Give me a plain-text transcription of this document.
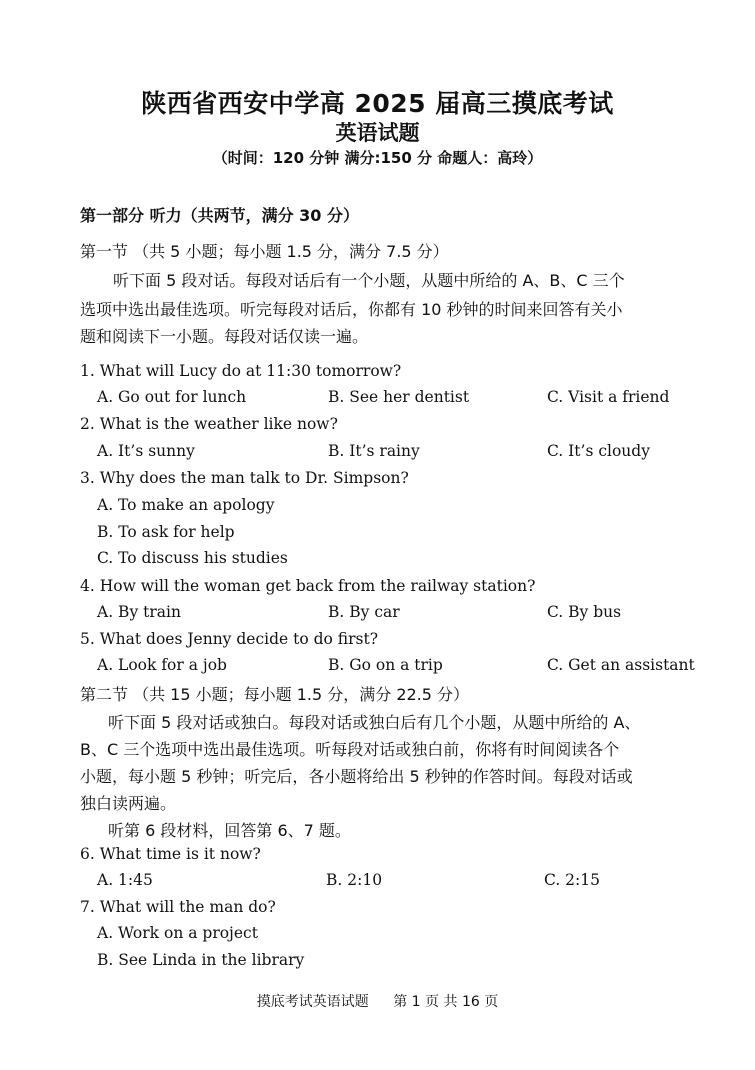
陕西省西安中学高 2025 届高三摸底考试
英语试题
（时间：120 分钟 满分:150 分 命题人：高玲）
第一部分 听力（共两节，满分 30 分）
第一节 （共 5 小题；每小题 1.5 分，满分 7.5 分）
听下面 5 段对话。每段对话后有一个小题，从题中所给的 A、B、C 三个
选项中选出最佳选项。听完每段对话后，你都有 10 秒钟的时间来回答有关小
题和阅读下一小题。每段对话仅读一遍。
1. What will Lucy do at 11:30 tomorrow?
A. Go out for lunch	B. See her dentist	C. Visit a friend
2. What is the weather like now?
A. It’s sunny	B. It’s rainy	C. It’s cloudy
3. Why does the man talk to Dr. Simpson?
A. To make an apology
B. To ask for help
C. To discuss his studies
4. How will the woman get back from the railway station?
A. By train	B. By car	C. By bus
5. What does Jenny decide to do first?
A. Look for a job	B. Go on a trip	C. Get an assistant
第二节 （共 15 小题；每小题 1.5 分，满分 22.5 分）
听下面 5 段对话或独白。每段对话或独白后有几个小题，从题中所给的 A、
B、C 三个选项中选出最佳选项。听每段对话或独白前，你将有时间阅读各个
小题，每小题 5 秒钟；听完后，各小题将给出 5 秒钟的作答时间。每段对话或
独白读两遍。
听第 6 段材料，回答第 6、7 题。
6. What time is it now?
A. 1:45	B. 2:10	C. 2:15
7. What will the man do?
A. Work on a project
B. See Linda in the library
摸底考试英语试题 第 1 页 共 16 页
